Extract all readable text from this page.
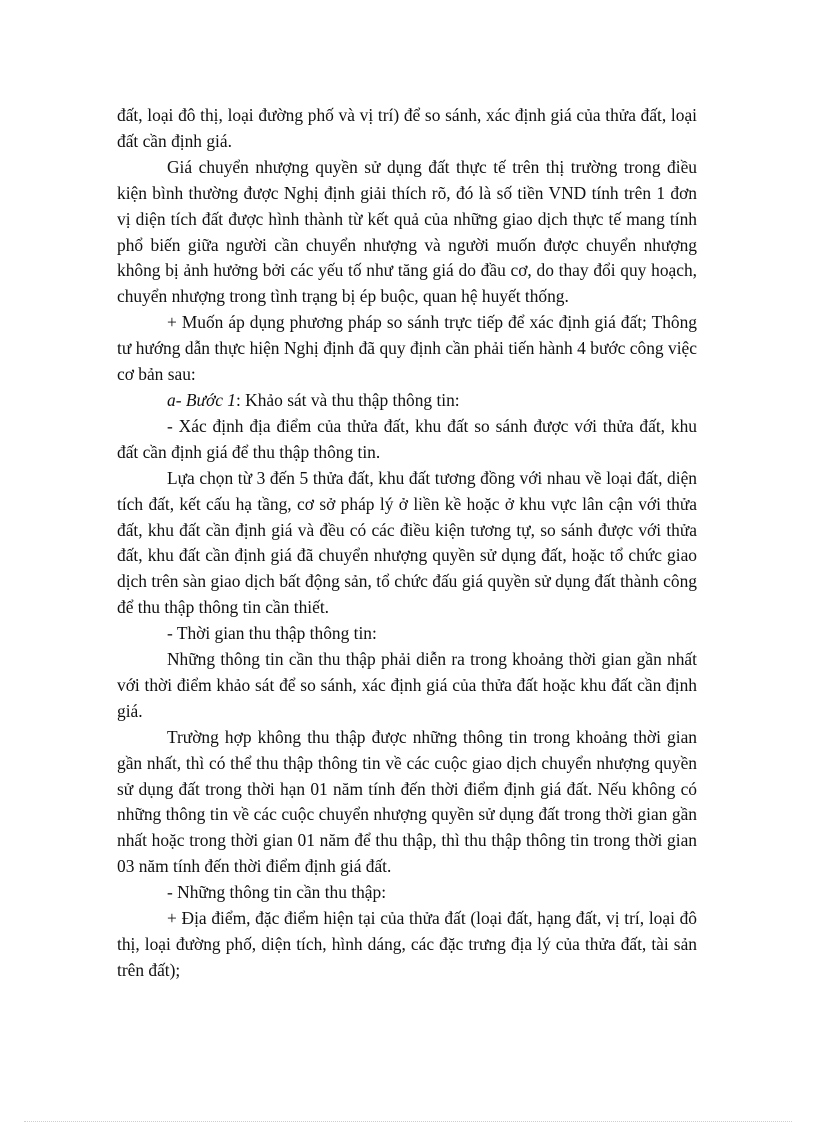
đất, loại đô thị, loại đường phố và vị trí) để so sánh, xác định giá của thửa đất, loại đất cần định giá.

Giá chuyển nhượng quyền sử dụng đất thực tế trên thị trường trong điều kiện bình thường được Nghị định giải thích rõ, đó là số tiền VND tính trên 1 đơn vị diện tích đất được hình thành từ kết quả của những giao dịch thực tế mang tính phổ biến giữa người cần chuyển nhượng và người muốn được chuyển nhượng không bị ảnh hưởng bởi các yếu tố như tăng giá do đầu cơ, do thay đổi quy hoạch, chuyển nhượng trong tình trạng bị ép buộc, quan hệ huyết thống.

+ Muốn áp dụng phương pháp so sánh trực tiếp để xác định giá đất; Thông tư hướng dẫn thực hiện Nghị định đã quy định cần phải tiến hành 4 bước công việc cơ bản sau:

a- Bước 1: Khảo sát và thu thập thông tin:

- Xác định địa điểm của thửa đất, khu đất so sánh được với thửa đất, khu đất cần định giá để thu thập thông tin.

Lựa chọn từ 3 đến 5 thửa đất, khu đất tương đồng với nhau về loại đất, diện tích đất, kết cấu hạ tầng, cơ sở pháp lý ở liền kề hoặc ở khu vực lân cận với thửa đất, khu đất cần định giá và đều có các điều kiện tương tự, so sánh được với thửa đất, khu đất cần định giá đã chuyển nhượng quyền sử dụng đất, hoặc tổ chức giao dịch trên sàn giao dịch bất động sản, tổ chức đấu giá quyền sử dụng đất thành công để thu thập thông tin cần thiết.

- Thời gian thu thập thông tin:

Những thông tin cần thu thập phải diễn ra trong khoảng thời gian gần nhất với thời điểm khảo sát để so sánh, xác định giá của thửa đất hoặc khu đất cần định giá.

Trường hợp không thu thập được những thông tin trong khoảng thời gian gần nhất, thì có thể thu thập thông tin về các cuộc giao dịch chuyển nhượng quyền sử dụng đất trong thời hạn 01 năm tính đến thời điểm định giá đất. Nếu không có những thông tin về các cuộc chuyển nhượng quyền sử dụng đất trong thời gian gần nhất hoặc trong thời gian 01 năm để thu thập, thì thu thập thông tin trong thời gian 03 năm tính đến thời điểm định giá đất.

- Những thông tin cần thu thập:

+ Địa điểm, đặc điểm hiện tại của thửa đất (loại đất, hạng đất, vị trí, loại đô thị, loại đường phố, diện tích, hình dáng, các đặc trưng địa lý của thửa đất, tài sản trên đất);
